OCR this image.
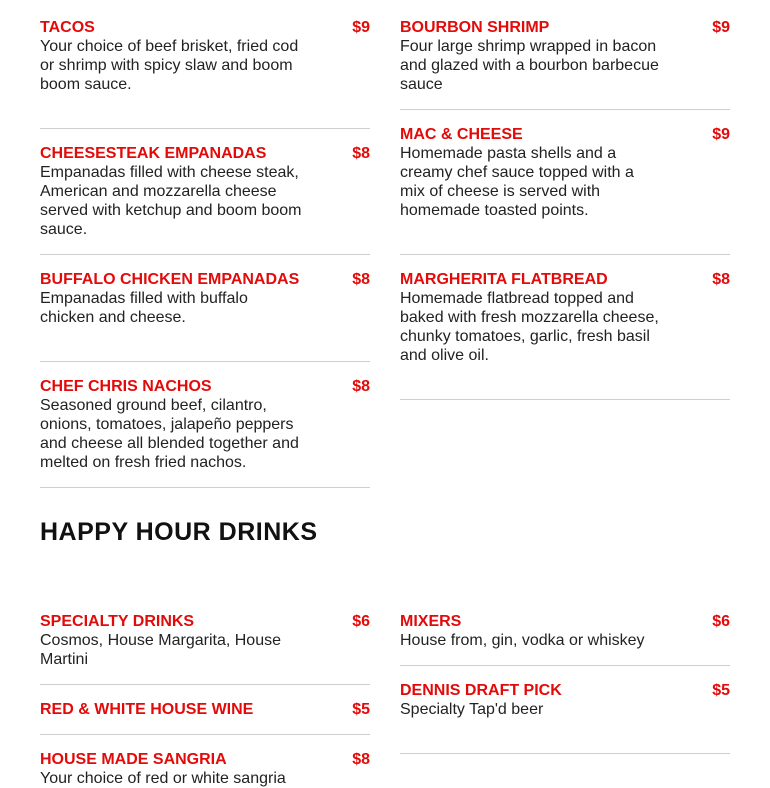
TACOS	$9
Your choice of beef brisket, fried cod or shrimp with spicy slaw and boom boom sauce.
CHEESESTEAK EMPANADAS	$8
Empanadas filled with cheese steak, American and mozzarella cheese served with ketchup and boom boom sauce.
BUFFALO CHICKEN EMPANADAS	$8
Empanadas filled with buffalo chicken and cheese.
CHEF CHRIS NACHOS	$8
Seasoned ground beef, cilantro, onions, tomatoes, jalapeño peppers and cheese all blended together and melted on fresh fried nachos.
BOURBON SHRIMP	$9
Four large shrimp wrapped in bacon and glazed with a bourbon barbecue sauce
MAC & CHEESE	$9
Homemade pasta shells and a creamy chef sauce topped with a mix of cheese is served with homemade toasted points.
MARGHERITA FLATBREAD	$8
Homemade flatbread topped and baked with fresh mozzarella cheese, chunky tomatoes, garlic, fresh basil and olive oil.
HAPPY HOUR DRINKS
SPECIALTY DRINKS	$6
Cosmos, House Margarita, House Martini
RED & WHITE HOUSE WINE	$5
HOUSE MADE SANGRIA	$8
Your choice of red or white sangria
MIXERS	$6
House from, gin, vodka or whiskey
DENNIS DRAFT PICK	$5
Specialty Tap'd beer
